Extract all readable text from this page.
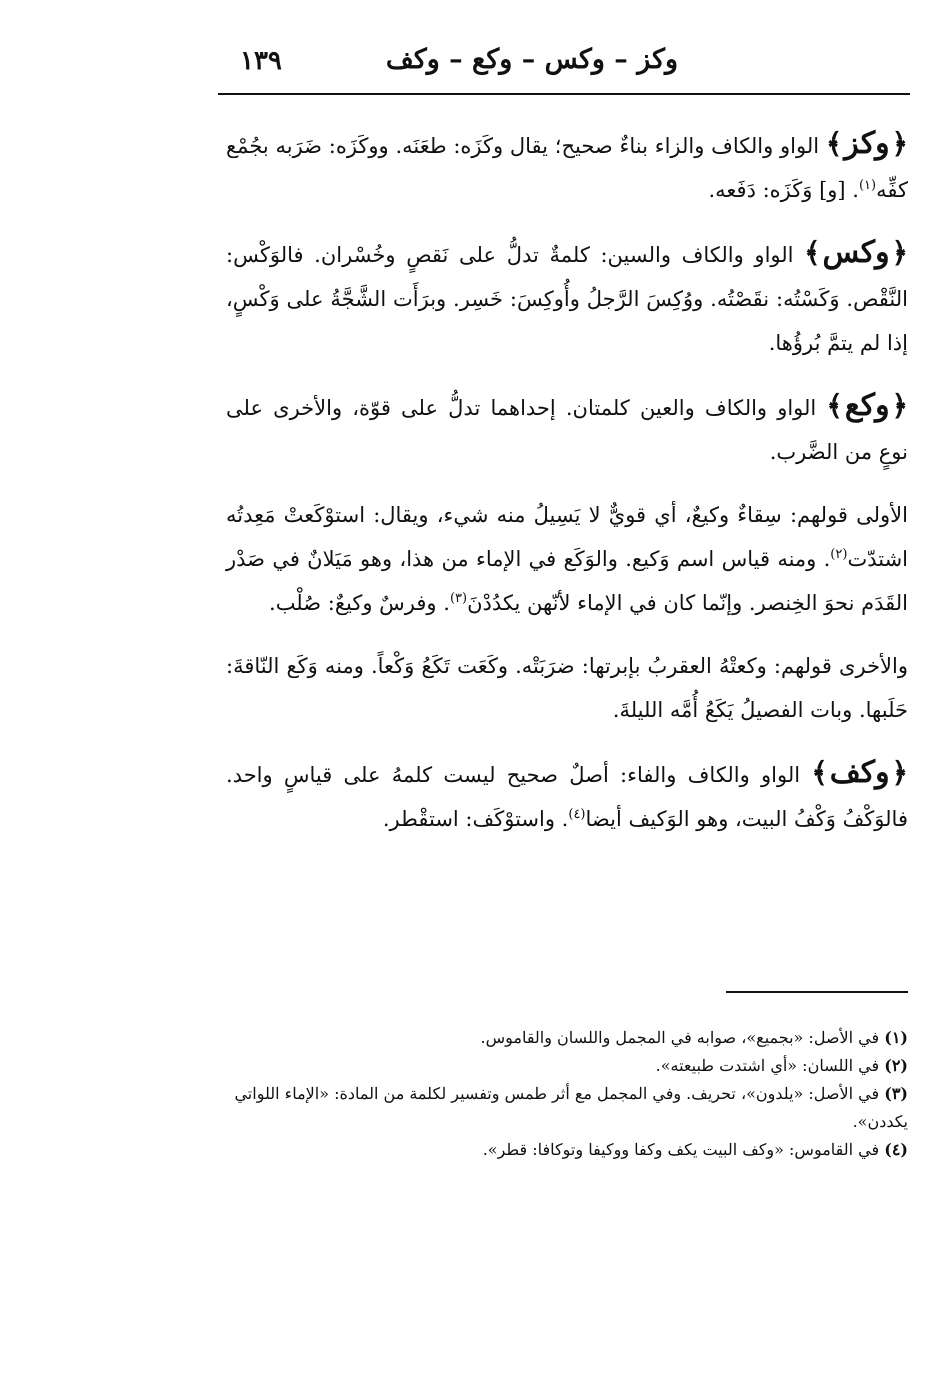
وكز – وكس – وكع – وكف
١٣٩

﴿وكز﴾ الواو والكاف والزاء بناءٌ صحيح؛ يقال وكَزَه: طعَنَه. ووكَزَه: ضَرَبه بجُمْع كفِّه$^{(١)}$. [و] وَكَزَه: دَفَعه.

﴿وكس﴾ الواو والكاف والسين: كلمةٌ تدلُّ على نَقصٍ وخُسْران. فالوَكْس: النَّقْص. وَكَسْتُه: نقَصْتُه. ووُكِسَ الرَّجلُ وأُوكِسَ: خَسِر. وبرَأَت الشَّجَّةُ على وَكْسٍ، إذا لم يتمَّ بُرؤُها.

﴿وكع﴾ الواو والكاف والعين كلمتان. إحداهما تدلُّ على قوّة، والأخرى على نوعٍ من الضَّرب.

الأولى قولهم: سِقاءٌ وكيعٌ، أي قويٌّ لا يَسِيلُ منه شيء، ويقال: استوْكَعتْ مَعِدتُه اشتدّت$^{(٢)}$. ومنه قياس اسم وَكيع. والوَكَع في الإماء من هذا، وهو مَيَلانٌ في صَدْر القَدَم نحوَ الخِنصر. وإنّما كان في الإماء لأنّهن يكدُدْنَ$^{(٣)}$. وفرسٌ وكيعٌ: صُلْب.

والأخرى قولهم: وكعتْهُ العقربُ بإبرتها: ضرَبَتْه. وكَعَت تَكَعُ وَكْعاً. ومنه وَكَع النّاقةَ: حَلَبها. وبات الفصيلُ يَكَعُ أُمَّه الليلةَ.

﴿وكف﴾ الواو والكاف والفاء: أصلٌ صحيح ليست كلمهُ على قياسٍ واحد. فالوَكْفُ وَكْفُ البيت، وهو الوَكيف أيضا$^{(٤)}$. واستوْكَف: استقْطر.

(١) في الأصل: «بجميع»، صوابه في المجمل واللسان والقاموس.

(٢) في اللسان: «أي اشتدت طبيعته».

(٣) في الأصل: «يلدون»، تحريف. وفي المجمل مع أثر طمس وتفسير لكلمة من المادة: «الإماء اللواتي يكددن».

(٤) في القاموس: «وكف البيت يكف وكفا ووكيفا وتوكافا: قطر».
